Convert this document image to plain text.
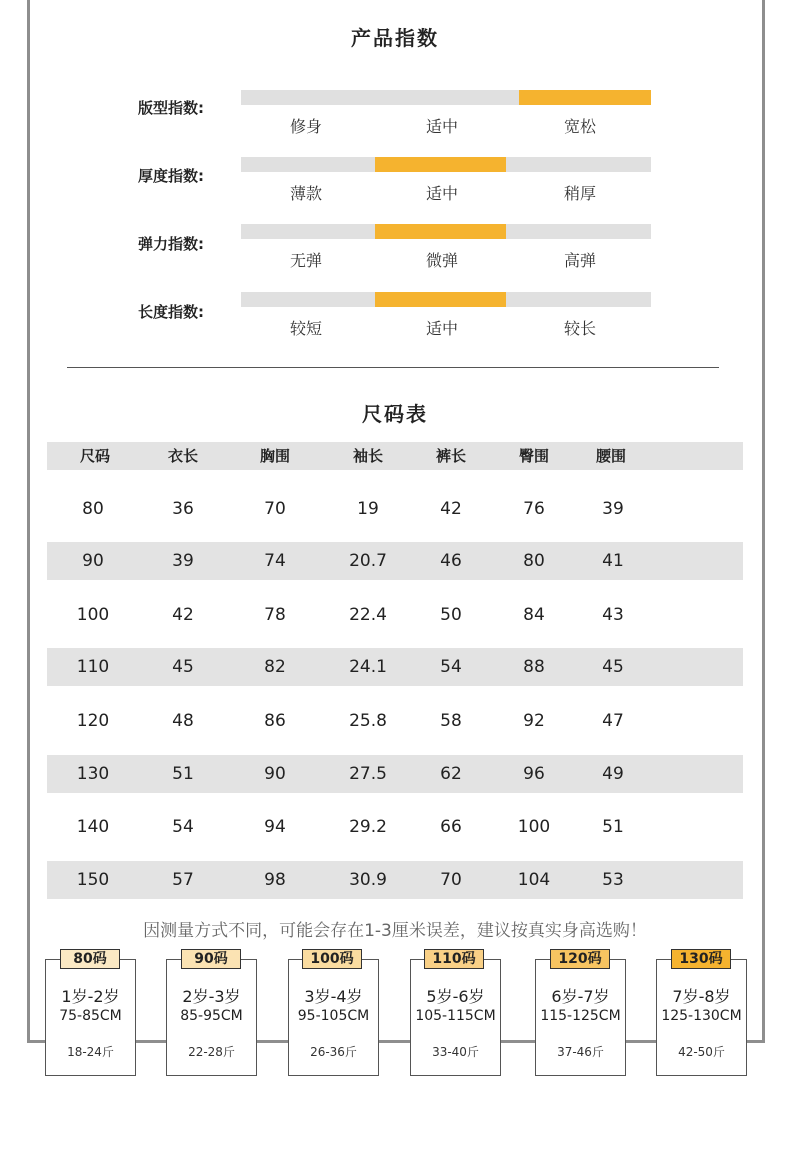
产品指数
版型指数:
修身	适中	宽松
厚度指数:
薄款	适中	稍厚
弹力指数:
无弹	微弹	高弹
长度指数:
较短	适中	较长
尺码表
尺码	衣长	胸围	袖长	裤长	臀围	腰围
80	36	70	19	42	76	39
90	39	74	20.7	46	80	41
100	42	78	22.4	50	84	43
110	45	82	24.1	54	88	45
120	48	86	25.8	58	92	47
130	51	90	27.5	62	96	49
140	54	94	29.2	66	100	51
150	57	98	30.9	70	104	53
因测量方式不同，可能会存在1-3厘米误差，建议按真实身高选购！
1岁-2岁
75-85CM
18-24斤
80码
2岁-3岁
85-95CM
22-28斤
90码
3岁-4岁
95-105CM
26-36斤
100码
5岁-6岁
105-115CM
33-40斤
110码
6岁-7岁
115-125CM
37-46斤
120码
7岁-8岁
125-130CM
42-50斤
130码
